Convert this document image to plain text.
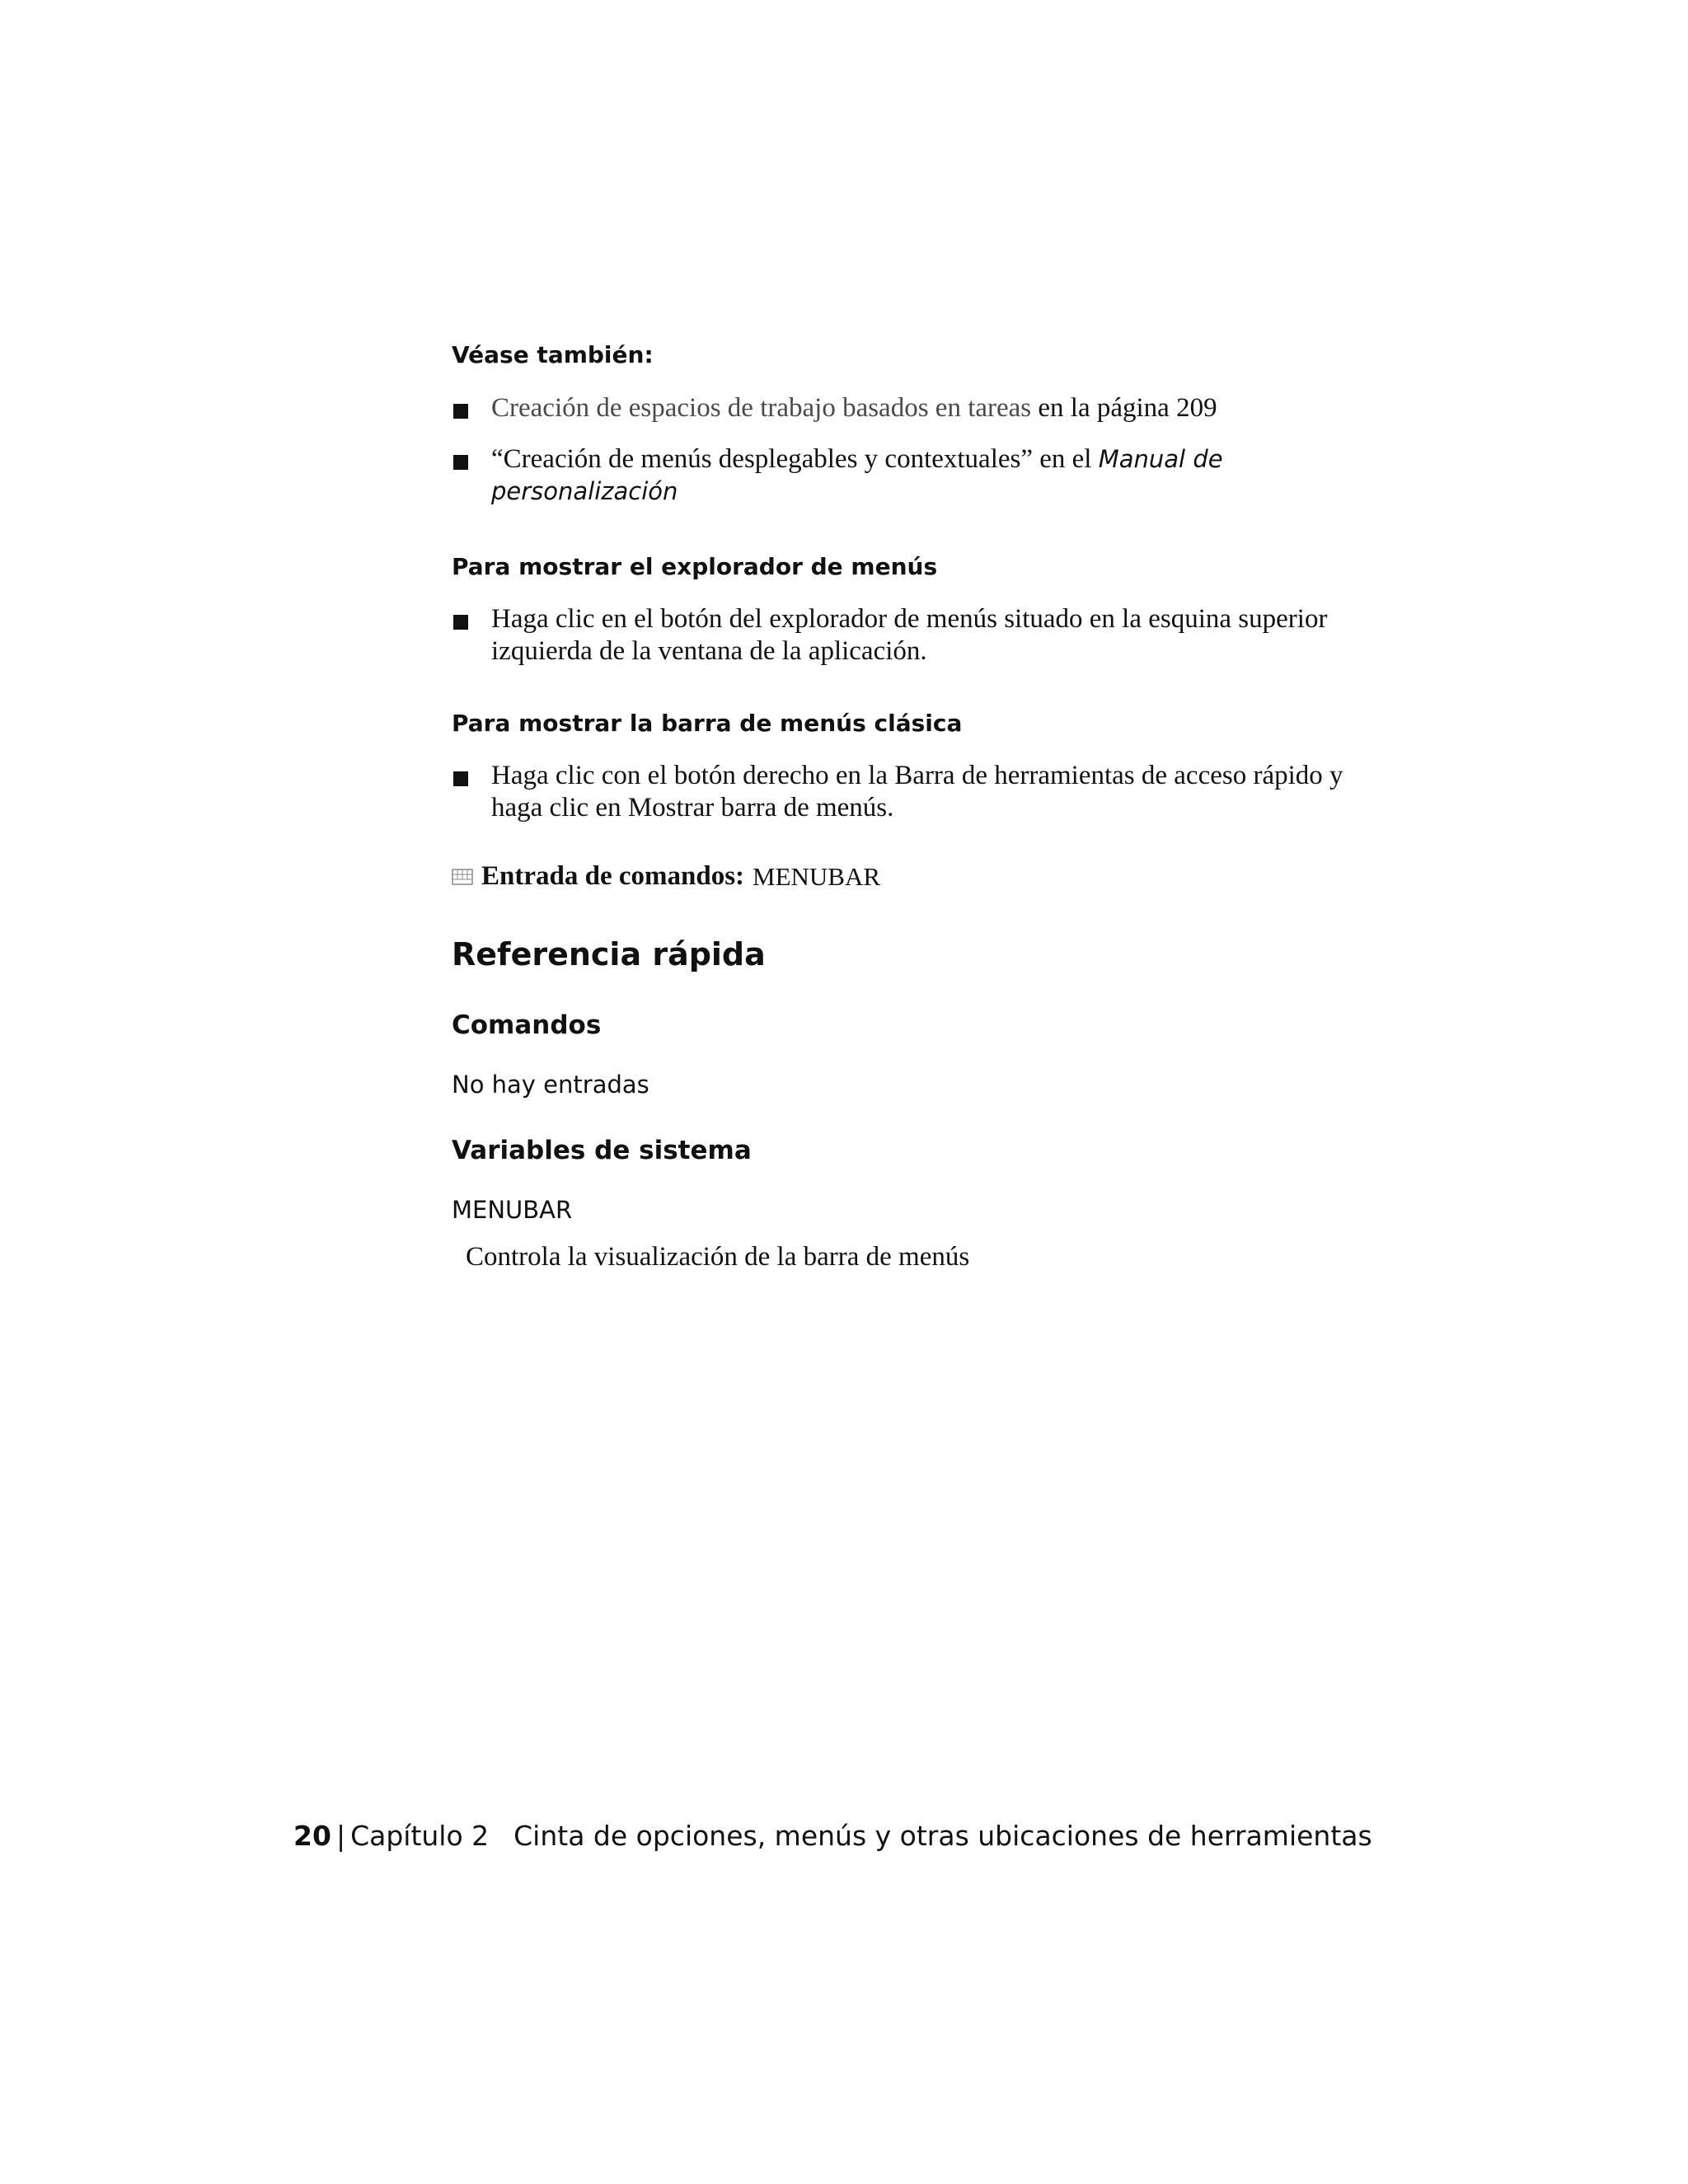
Véase también:
Creación de espacios de trabajo basados en tareas en la página 209
“Creación de menús desplegables y contextuales” en el Manual de personalización
Para mostrar el explorador de menús
Haga clic en el botón del explorador de menús situado en la esquina superior izquierda de la ventana de la aplicación.
Para mostrar la barra de menús clásica
Haga clic con el botón derecho en la Barra de herramientas de acceso rápido y haga clic en Mostrar barra de menús.
Entrada de comandos: MENUBAR
Referencia rápida
Comandos
No hay entradas
Variables de sistema
MENUBAR
Controla la visualización de la barra de menús
20 | Capítulo 2 Cinta de opciones, menús y otras ubicaciones de herramientas
